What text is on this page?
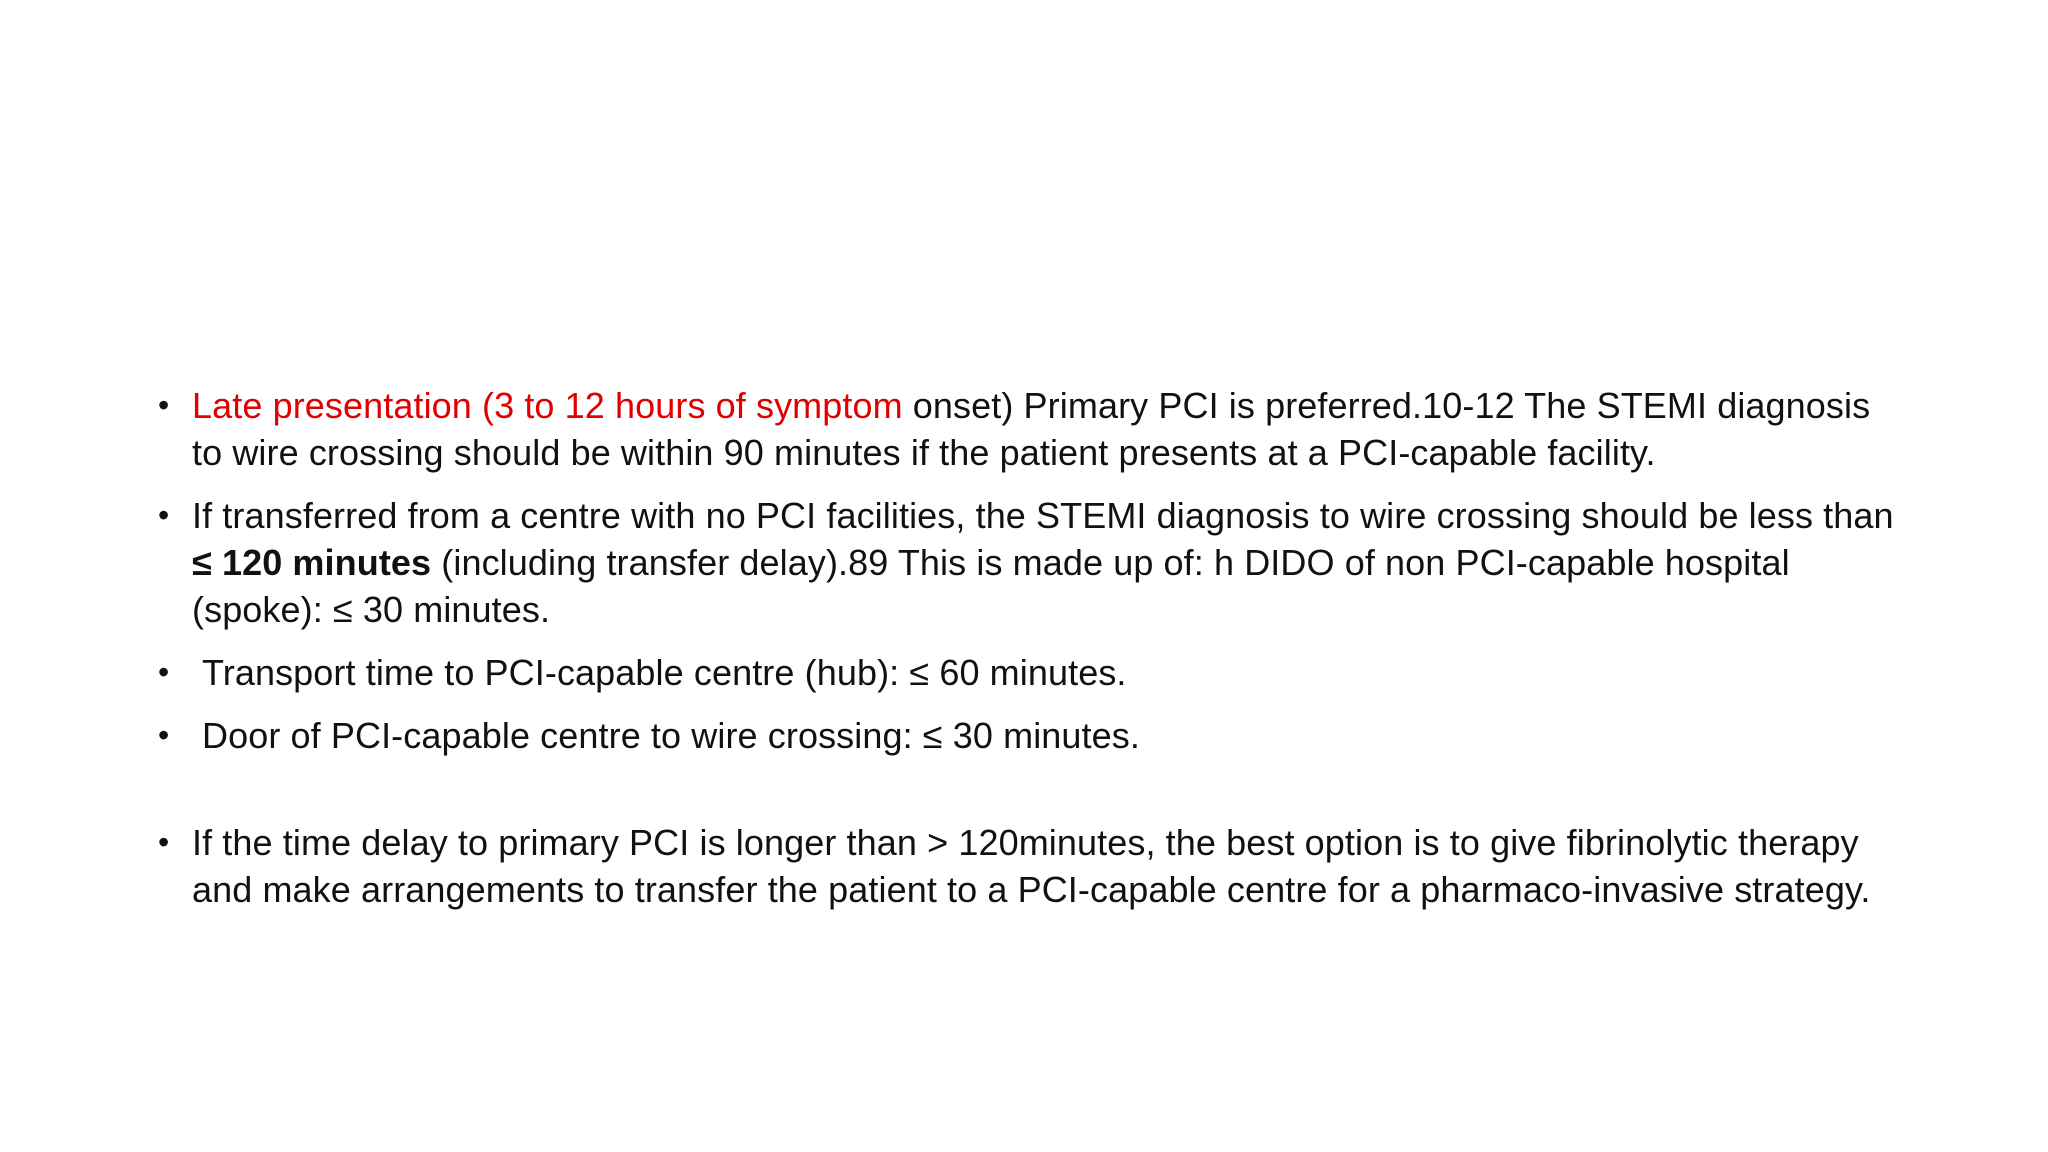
• Late presentation (3 to 12 hours of symptom onset) Primary PCI is preferred.10-12 The STEMI diagnosis to wire crossing should be within 90 minutes if the patient presents at a PCI-capable facility.
• If transferred from a centre with no PCI facilities, the STEMI diagnosis to wire crossing should be less than ≤ 120 minutes (including transfer delay).89 This is made up of: h DIDO of non PCI-capable hospital (spoke): ≤ 30 minutes.
• Transport time to PCI-capable centre (hub): ≤ 60 minutes.
• Door of PCI-capable centre to wire crossing: ≤ 30 minutes.
• If the time delay to primary PCI is longer than > 120minutes, the best option is to give fibrinolytic therapy and make arrangements to transfer the patient to a PCI-capable centre for a pharmaco-invasive strategy.
